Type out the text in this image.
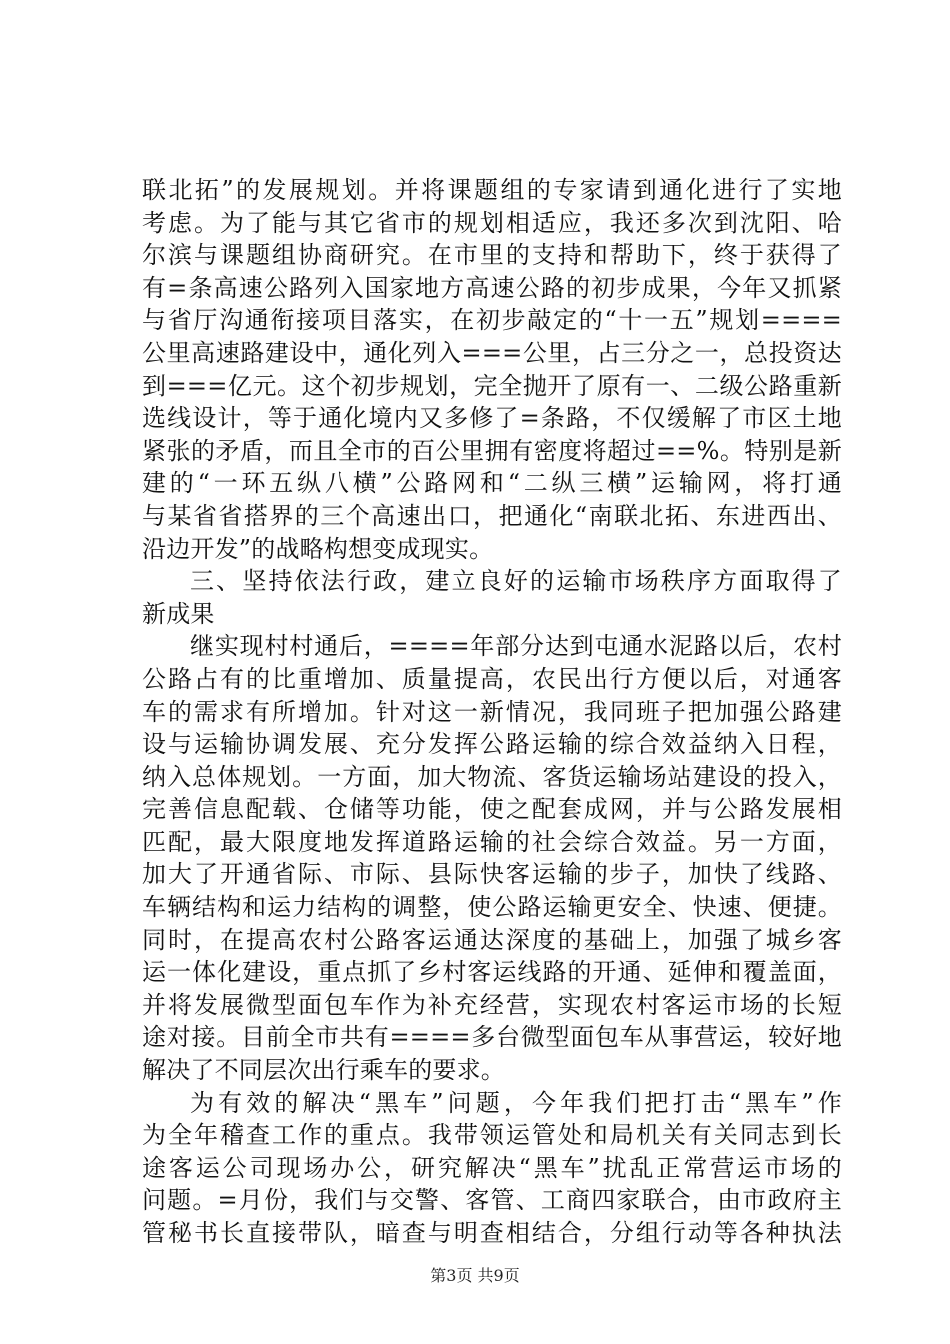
联北拓”的发展规划。并将课题组的专家请到通化进行了实地
考虑。为了能与其它省市的规划相适应，我还多次到沈阳、哈
尔滨与课题组协商研究。在市里的支持和帮助下，终于获得了
有=条高速公路列入国家地方高速公路的初步成果，今年又抓紧
与省厅沟通衔接项目落实，在初步敲定的“十一五”规划====
公里高速路建设中，通化列入===公里，占三分之一，总投资达
到===亿元。这个初步规划，完全抛开了原有一、二级公路重新
选线设计，等于通化境内又多修了=条路，不仅缓解了市区土地
紧张的矛盾，而且全市的百公里拥有密度将超过==%。特别是新
建的“一环五纵八横”公路网和“二纵三横”运输网，将打通
与某省省搭界的三个高速出口，把通化“南联北拓、东进西出、
沿边开发”的战略构想变成现实。
三、坚持依法行政，建立良好的运输市场秩序方面取得了
新成果
继实现村村通后，====年部分达到屯通水泥路以后，农村
公路占有的比重增加、质量提高，农民出行方便以后，对通客
车的需求有所增加。针对这一新情况，我同班子把加强公路建
设与运输协调发展、充分发挥公路运输的综合效益纳入日程，
纳入总体规划。一方面，加大物流、客货运输场站建设的投入，
完善信息配载、仓储等功能，使之配套成网，并与公路发展相
匹配，最大限度地发挥道路运输的社会综合效益。另一方面，
加大了开通省际、市际、县际快客运输的步子，加快了线路、
车辆结构和运力结构的调整，使公路运输更安全、快速、便捷。
同时，在提高农村公路客运通达深度的基础上，加强了城乡客
运一体化建设，重点抓了乡村客运线路的开通、延伸和覆盖面，
并将发展微型面包车作为补充经营，实现农村客运市场的长短
途对接。目前全市共有====多台微型面包车从事营运，较好地
解决了不同层次出行乘车的要求。
为有效的解决“黑车”问题，今年我们把打击“黑车”作
为全年稽查工作的重点。我带领运管处和局机关有关同志到长
途客运公司现场办公，研究解决“黑车”扰乱正常营运市场的
问题。=月份，我们与交警、客管、工商四家联合，由市政府主
管秘书长直接带队，暗查与明查相结合，分组行动等各种执法
第3页 共9页
